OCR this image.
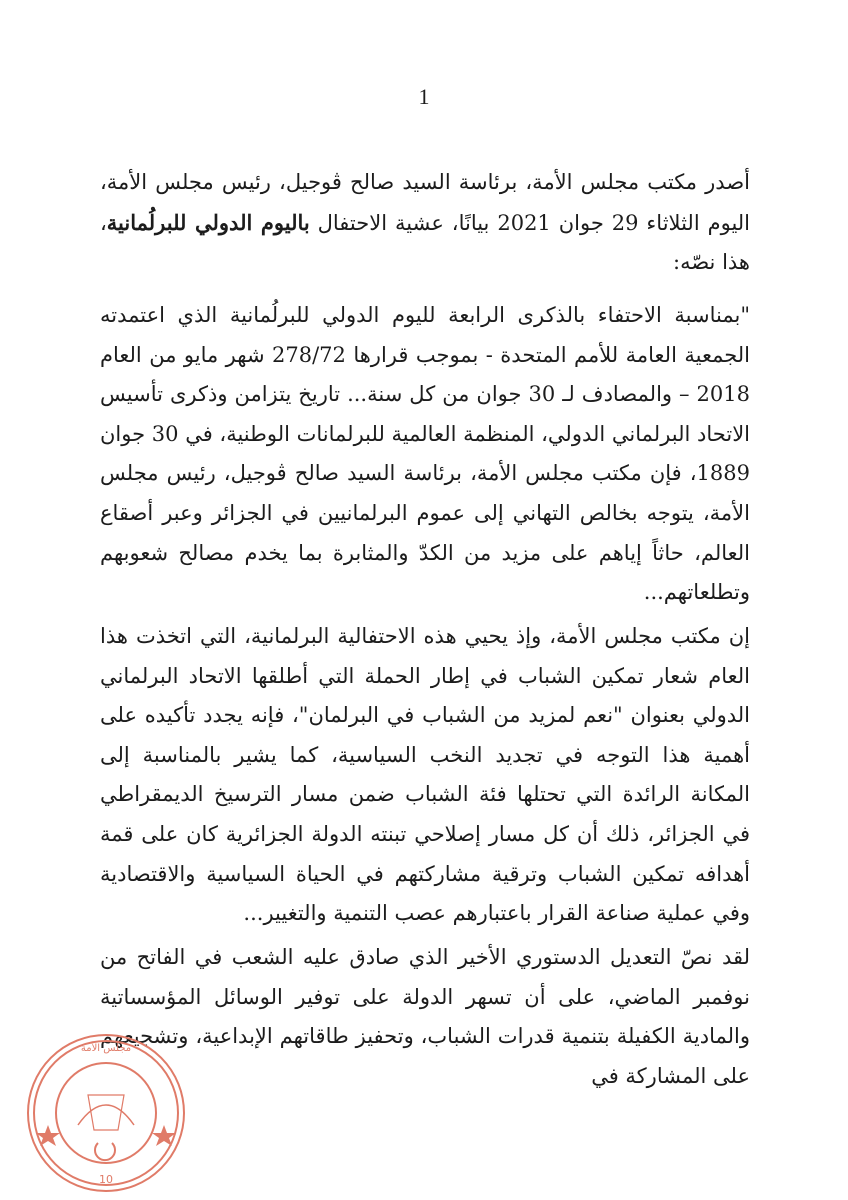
1

أصدر مكتب مجلس الأمة، برئاسة السيد صالح ڨوجيل، رئيس مجلس الأمة، اليوم الثلاثاء 29 جوان 2021 بيانًا، عشية الاحتفال باليوم الدولي للبرلُمانية، هذا نصّه:

"بمناسبة الاحتفاء بالذكرى الرابعة لليوم الدولي للبرلُمانية الذي اعتمدته الجمعية العامة للأمم المتحدة - بموجب قرارها 278/72 شهر مايو من العام 2018 – والمصادف لـ 30 جوان من كل سنة... تاريخ يتزامن وذكرى تأسيس الاتحاد البرلماني الدولي، المنظمة العالمية للبرلمانات الوطنية، في 30 جوان 1889، فإن مكتب مجلس الأمة، برئاسة السيد صالح ڨوجيل، رئيس مجلس الأمة، يتوجه بخالص التهاني إلى عموم البرلمانيين في الجزائر وعبر أصقاع العالم، حاثاً إياهم على مزيد من الكدّ والمثابرة بما يخدم مصالح شعوبهم وتطلعاتهم...

إن مكتب مجلس الأمة، وإذ يحيي هذه الاحتفالية البرلمانية، التي اتخذت هذا العام شعار تمكين الشباب في إطار الحملة التي أطلقها الاتحاد البرلماني الدولي بعنوان "نعم لمزيد من الشباب في البرلمان"، فإنه يجدد تأكيده على أهمية هذا التوجه في تجديد النخب السياسية، كما يشير بالمناسبة إلى المكانة الرائدة التي تحتلها فئة الشباب ضمن مسار الترسيخ الديمقراطي في الجزائر، ذلك أن كل مسار إصلاحي تبنته الدولة الجزائرية كان على قمة أهدافه تمكين الشباب وترقية مشاركتهم في الحياة السياسية والاقتصادية وفي عملية صناعة القرار باعتبارهم عصب التنمية والتغيير...

لقد نصّ التعديل الدستوري الأخير الذي صادق عليه الشعب في الفاتح من نوفمبر الماضي، على أن تسهر الدولة على توفير الوسائل المؤسساتية والمادية الكفيلة بتنمية قدرات الشباب، وتحفيز طاقاتهم الإبداعية، وتشجيعهم على المشاركة في

مجلس الأمة
10
